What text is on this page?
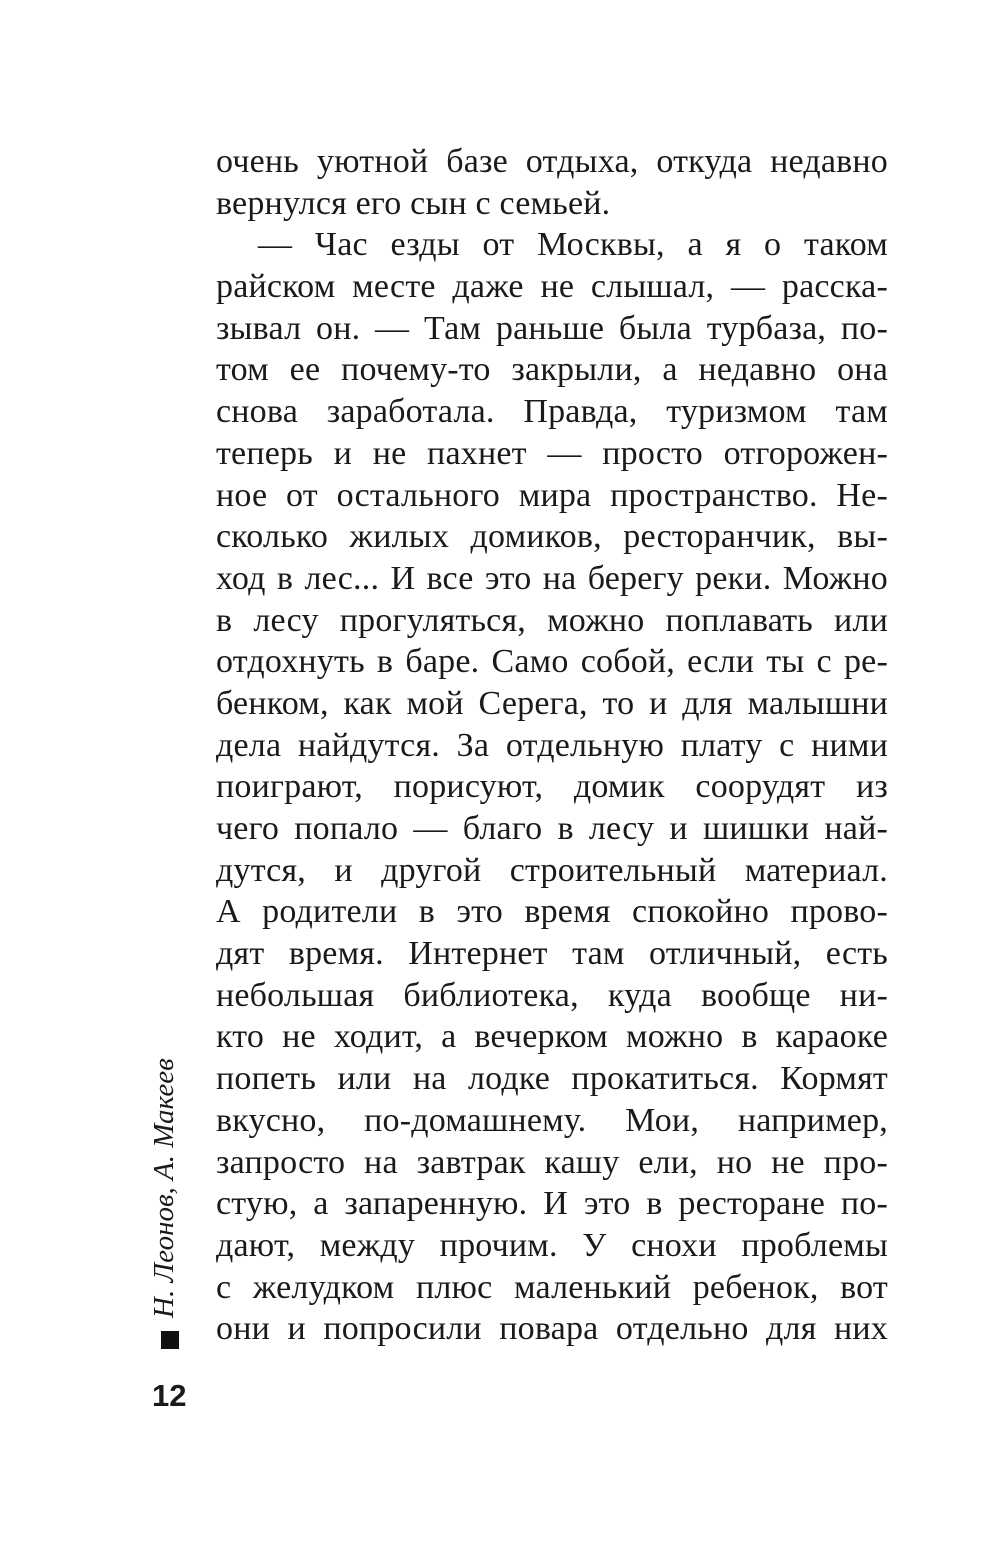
очень уютной базе отдыха, откуда недавно
вернулся его сын с семьей.
— Час езды от Москвы, а я о таком
райском месте даже не слышал, — расска-
зывал он. — Там раньше была турбаза, по-
том ее почему-то закрыли, а недавно она
снова заработала. Правда, туризмом там
теперь и не пахнет — просто отгорожен-
ное от остального мира пространство. Не-
сколько жилых домиков, ресторанчик, вы-
ход в лес... И все это на берегу реки. Можно
в лесу прогуляться, можно поплавать или
отдохнуть в баре. Само собой, если ты с ре-
бенком, как мой Серега, то и для малышни
дела найдутся. За отдельную плату с ними
поиграют, порисуют, домик соорудят из
чего попало — благо в лесу и шишки най-
дутся, и другой строительный материал.
А родители в это время спокойно прово-
дят время. Интернет там отличный, есть
небольшая библиотека, куда вообще ни-
кто не ходит, а вечерком можно в караоке
попеть или на лодке прокатиться. Кормят
вкусно, по-домашнему. Мои, например,
запросто на завтрак кашу ели, но не про-
стую, а запаренную. И это в ресторане по-
дают, между прочим. У снохи проблемы
с желудком плюс маленький ребенок, вот
они и попросили повара отдельно для них
Н. Леонов, А. Макеев
12
